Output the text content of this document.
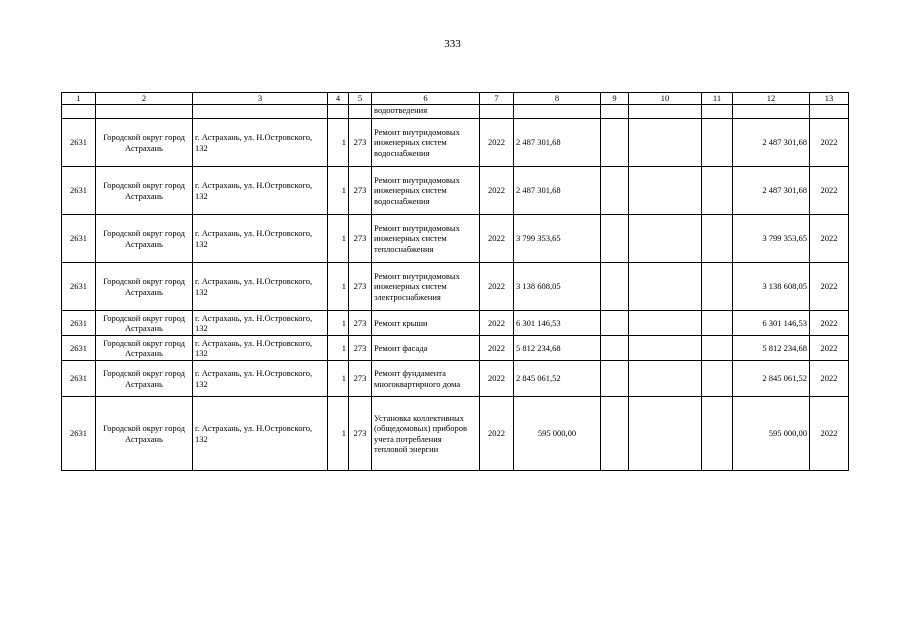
333
1	2	3	4	5	6	7	8	9	10	11	12	13
					водоотведения							
2631	Городской округ город Астрахань	г. Астрахань, ул. Н.Островского, 132	1	273	Ремонт внутридомовых инженерных систем водоснабжения	2022	2 487 301,68				2 487 301,68	2022
2631	Городской округ город Астрахань	г. Астрахань, ул. Н.Островского, 132	1	273	Ремонт внутридомовых инженерных систем водоснабжения	2022	2 487 301,68				2 487 301,68	2022
2631	Городской округ город Астрахань	г. Астрахань, ул. Н.Островского, 132	1	273	Ремонт внутридомовых инженерных систем теплоснабжения	2022	3 799 353,65				3 799 353,65	2022
2631	Городской округ город Астрахань	г. Астрахань, ул. Н.Островского, 132	1	273	Ремонт внутридомовых инженерных систем электроснабжения	2022	3 138 608,05				3 138 608,05	2022
2631	Городской округ город Астрахань	г. Астрахань, ул. Н.Островского, 132	1	273	Ремонт крыши	2022	6 301 146,53				6 301 146,53	2022
2631	Городской округ город Астрахань	г. Астрахань, ул. Н.Островского, 132	1	273	Ремонт фасада	2022	5 812 234,68				5 812 234,68	2022
2631	Городской округ город Астрахань	г. Астрахань, ул. Н.Островского, 132	1	273	Ремонт фундамента многоквартирного дома	2022	2 845 061,52				2 845 061,52	2022
2631	Городской округ город Астрахань	г. Астрахань, ул. Н.Островского, 132	1	273	Установка коллективных (общедомовых) приборов учета потребления тепловой энергии	2022	595 000,00				595 000,00	2022
